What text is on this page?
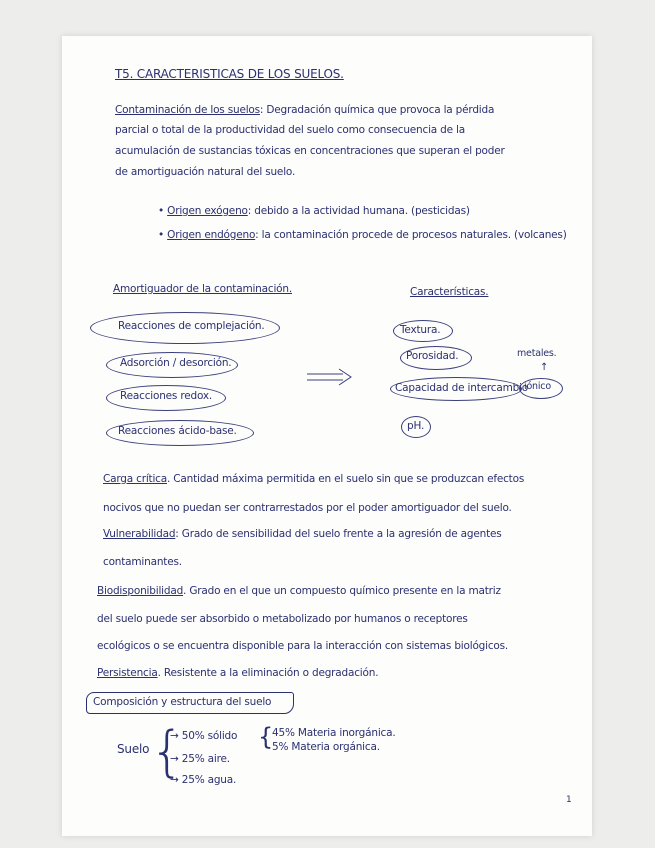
T5. CARACTERISTICAS DE LOS SUELOS.
Contaminación de los suelos: Degradación química que provoca la pérdida
parcial o total de la productividad del suelo como consecuencia de la
acumulación de sustancias tóxicas en concentraciones que superan el poder
de amortiguación natural del suelo.
• Origen exógeno: debido a la actividad humana. (pesticidas)
• Origen endógeno: la contaminación procede de procesos naturales. (volcanes)
Amortiguador de la contaminación.
Reacciones de complejación.
Adsorción / desorción.
Reacciones redox.
Reacciones ácido-base.
Características.
Textura.
Porosidad.	metales.
↑
Capacidad de intercambio
iónico
pH.
Carga crítica. Cantidad máxima permitida en el suelo sin que se produzcan efectos
nocivos que no puedan ser contrarrestados por el poder amortiguador del suelo.
Vulnerabilidad: Grado de sensibilidad del suelo frente a la agresión de agentes
contaminantes.
Biodisponibilidad. Grado en el que un compuesto químico presente en la matriz
del suelo puede ser absorbido o metabolizado por humanos o receptores
ecológicos o se encuentra disponible para la interacción con sistemas biológicos.
Persistencia. Resistente a la eliminación o degradación.
Composición y estructura del suelo
Suelo {
→ 50% sólido
→ 25% aire.
→ 25% agua.
{
45% Materia inorgánica.
5% Materia orgánica.
1
